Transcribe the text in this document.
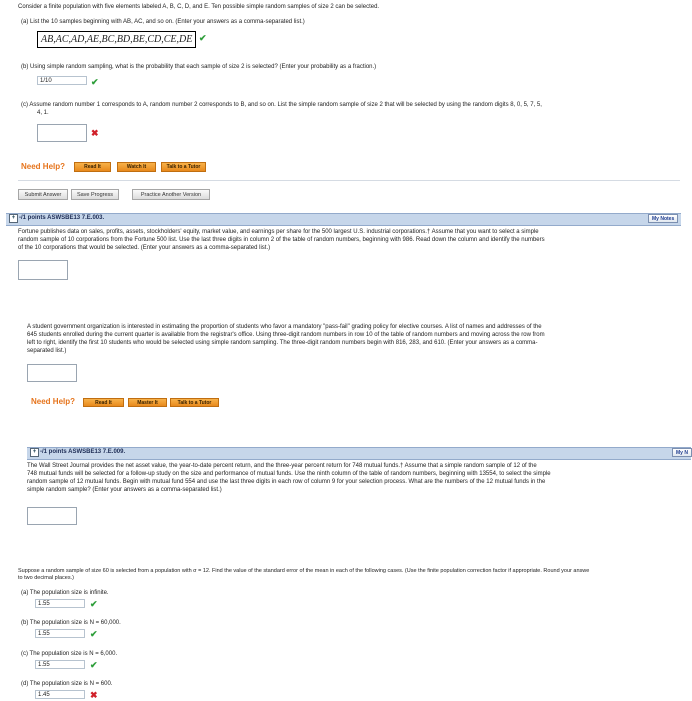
Consider a finite population with five elements labeled A, B, C, D, and E. Ten possible simple random samples of size 2 can be selected.
(a) List the 10 samples beginning with AB, AC, and so on. (Enter your answers as a comma-separated list.)
AB,AC,AD,AE,BC,BD,BE,CD,CE,DE ✔
(b) Using simple random sampling, what is the probability that each sample of size 2 is selected? (Enter your probability as a fraction.)
1/10	✔
(c) Assume random number 1 corresponds to A, random number 2 corresponds to B, and so on. List the simple random sample of size 2 that will be selected by using the random digits 8, 0, 5, 7, 5,
4, 1.
✖
Need Help?	Read It	Watch It	Talk to a Tutor
Submit Answer	Save Progress	Practice Another Version
+ -/1 points ASWSBE13 7.E.003.	My Notes
Fortune publishes data on sales, profits, assets, stockholders' equity, market value, and earnings per share for the 500 largest U.S. industrial corporations.† Assume that you want to select a simple
random sample of 10 corporations from the Fortune 500 list. Use the last three digits in column 2 of the table of random numbers, beginning with 986. Read down the column and identify the numbers
of the 10 corporations that would be selected. (Enter your answers as a comma-separated list.)
A student government organization is interested in estimating the proportion of students who favor a mandatory "pass-fail" grading policy for elective courses. A list of names and addresses of the
645 students enrolled during the current quarter is available from the registrar's office. Using three-digit random numbers in row 10 of the table of random numbers and moving across the row from
left to right, identify the first 10 students who would be selected using simple random sampling. The three-digit random numbers begin with 816, 283, and 610. (Enter your answers as a comma-
separated list.)
Need Help?	Read It	Master It	Talk to a Tutor
+ -/1 points ASWSBE13 7.E.009.	My N
The Wall Street Journal provides the net asset value, the year-to-date percent return, and the three-year percent return for 748 mutual funds.† Assume that a simple random sample of 12 of the
748 mutual funds will be selected for a follow-up study on the size and performance of mutual funds. Use the ninth column of the table of random numbers, beginning with 13554, to select the simple
random sample of 12 mutual funds. Begin with mutual fund 554 and use the last three digits in each row of column 9 for your selection process. What are the numbers of the 12 mutual funds in the
simple random sample? (Enter your answers as a comma-separated list.)
Suppose a random sample of size 60 is selected from a population with σ = 12. Find the value of the standard error of the mean in each of the following cases. (Use the finite population correction factor if appropriate. Round your answe
to two decimal places.)
(a) The population size is infinite.
1.55	✔
(b) The population size is N = 60,000.
1.55	✔
(c) The population size is N = 6,000.
1.55	✔
(d) The population size is N = 600.
1.45	✖
